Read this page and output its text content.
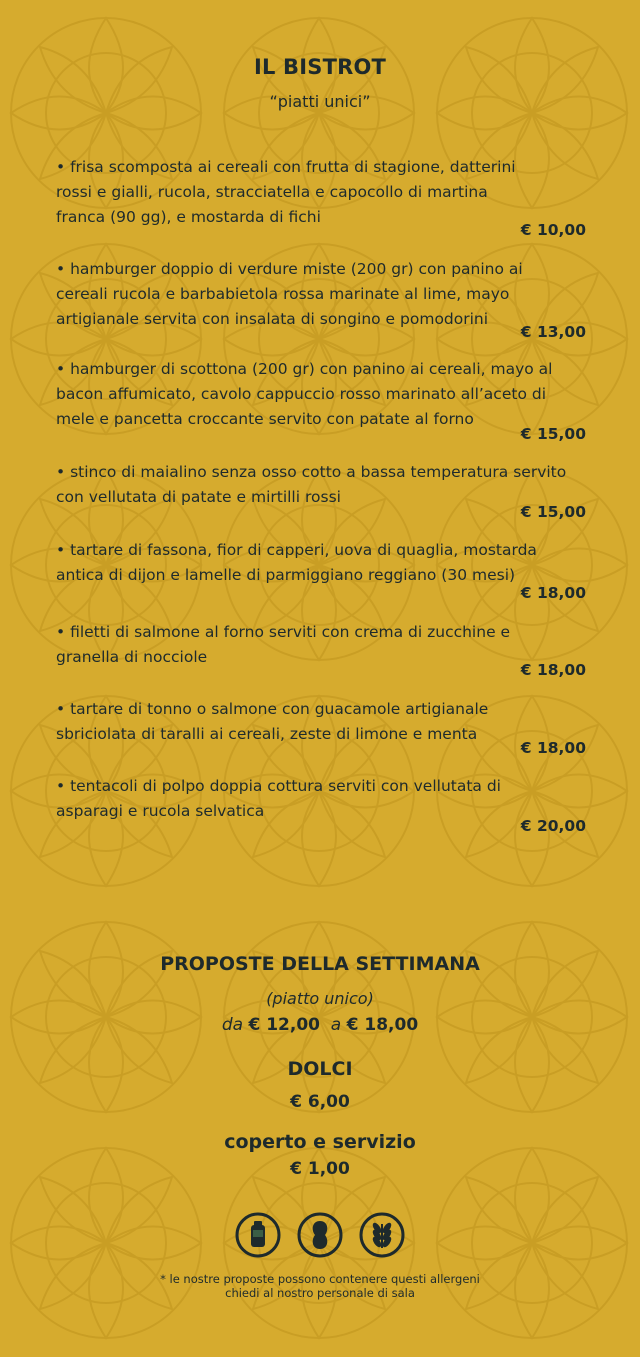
IL BISTROT
“piatti unici”
• frisa scomposta ai cereali con frutta di stagione, datterini
rossi e gialli, rucola, stracciatella e capocollo di martina
franca (90 gg), e mostarda di fichi
€ 10,00
• hamburger doppio di verdure miste (200 gr) con panino ai
cereali rucola e barbabietola rossa marinate al lime, mayo
artigianale servita con insalata di songino e pomodorini
€ 13,00
• hamburger di scottona (200 gr) con panino ai cereali, mayo al
bacon affumicato, cavolo cappuccio rosso marinato all’aceto di
mele e pancetta croccante servito con patate al forno
€ 15,00
• stinco di maialino senza osso cotto a bassa temperatura servito
con vellutata di patate e mirtilli rossi
€ 15,00
• tartare di fassona, fior di capperi, uova di quaglia, mostarda
antica di dijon e lamelle di parmiggiano reggiano (30 mesi)
€ 18,00
• filetti di salmone al forno serviti con crema di zucchine e
granella di nocciole
€ 18,00
• tartare di tonno o salmone con guacamole artigianale
sbriciolata di taralli ai cereali, zeste di limone e menta
€ 18,00
• tentacoli di polpo doppia cottura serviti con vellutata di
asparagi e rucola selvatica
€ 20,00
PROPOSTE DELLA SETTIMANA
(piatto unico)
da € 12,00 a € 18,00
DOLCI
€ 6,00
coperto e servizio
€ 1,00
* le nostre proposte possono contenere questi allergeni
chiedi al nostro personale di sala
